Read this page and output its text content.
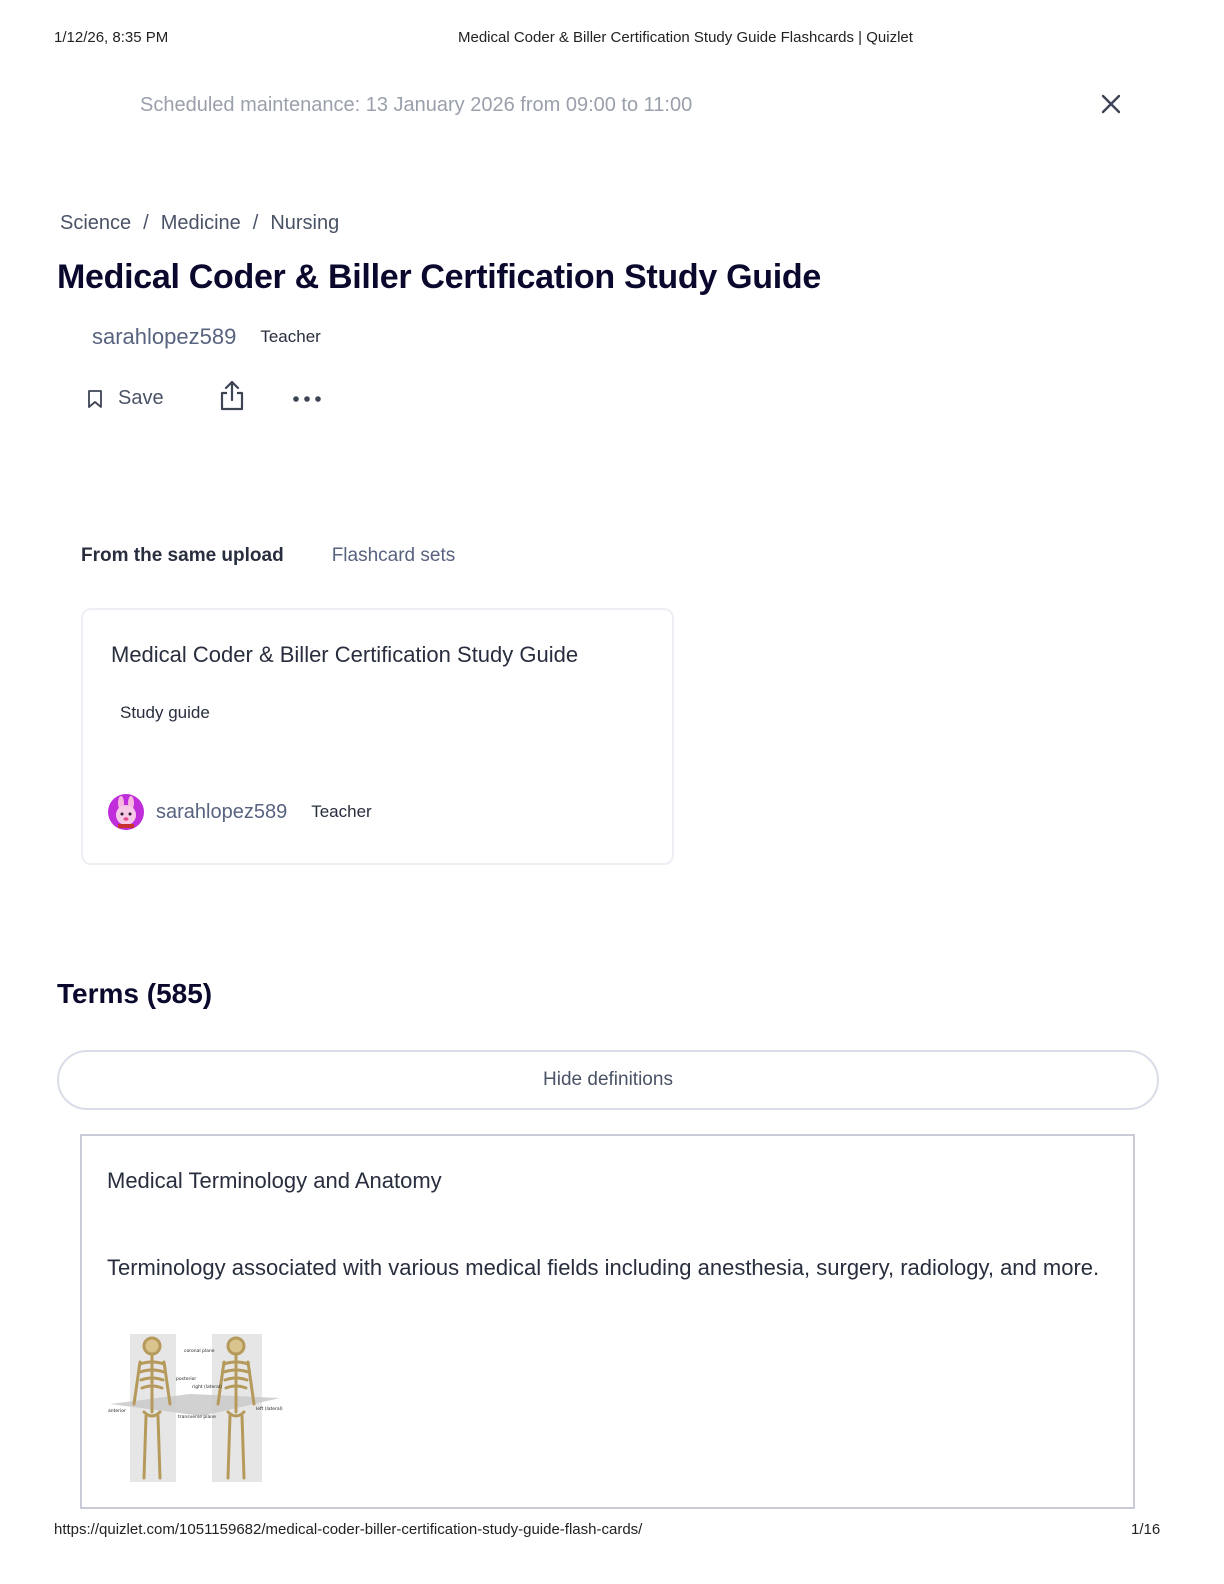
1/12/26, 8:35 PM	Medical Coder & Biller Certification Study Guide Flashcards | Quizlet
Scheduled maintenance: 13 January 2026 from 09:00 to 11:00
Science / Medicine / Nursing
Medical Coder & Biller Certification Study Guide
sarahlopez589 Teacher
Save
From the same upload	Flashcard sets
Medical Coder & Biller Certification Study Guide
Study guide
sarahlopez589 Teacher
Terms (585)
Hide definitions
Medical Terminology and Anatomy
Terminology associated with various medical fields including anesthesia, surgery, radiology, and more.
coronal plane
posterior
right (lateral)
anterior
transverse plane
left (lateral)
https://quizlet.com/1051159682/medical-coder-biller-certification-study-guide-flash-cards/	1/16
